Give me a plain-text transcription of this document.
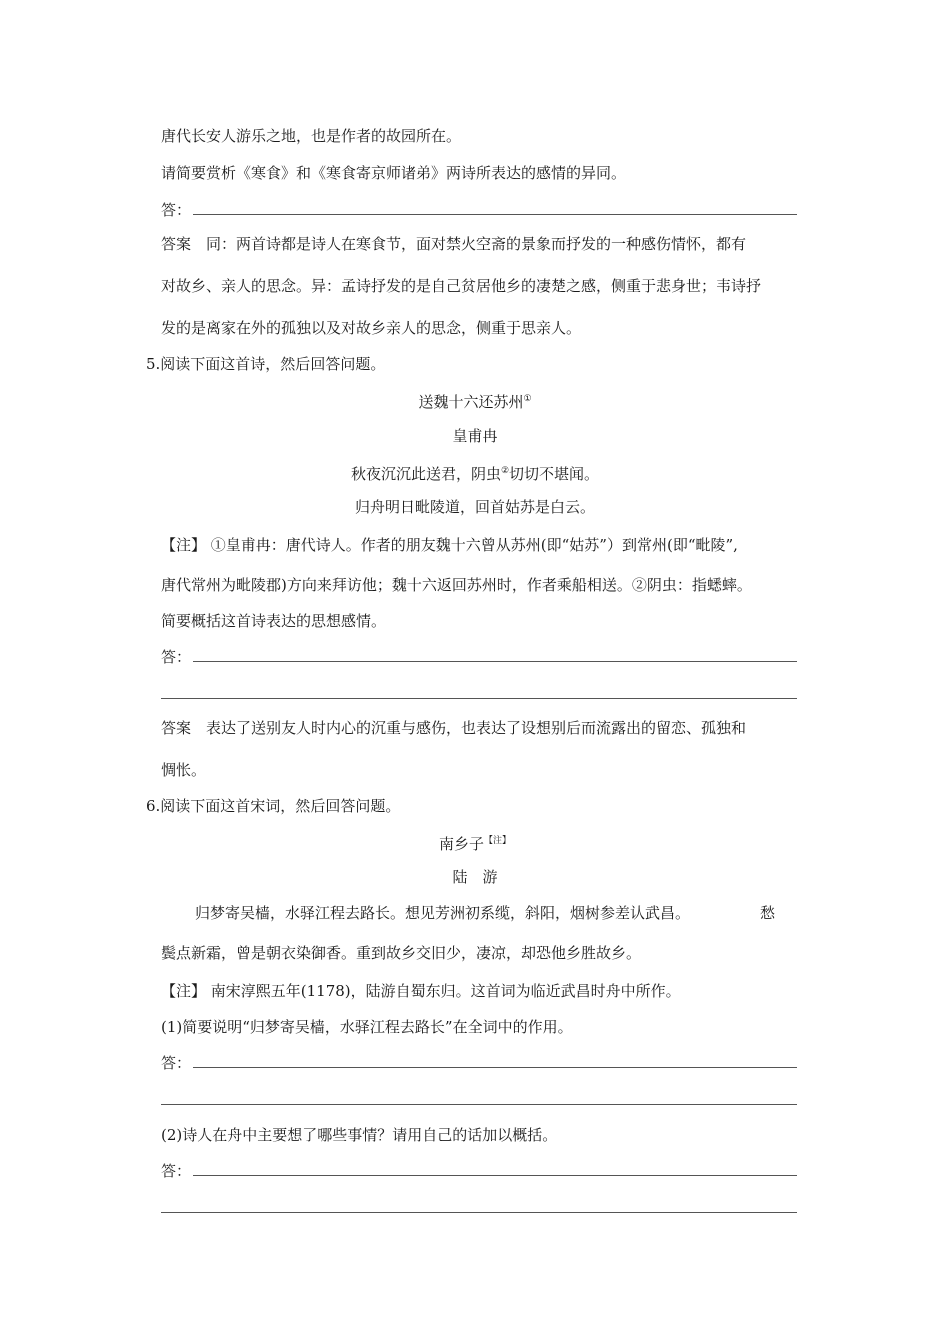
唐代长安人游乐之地，也是作者的故园所在。
请简要赏析《寒食》和《寒食寄京师诸弟》两诗所表达的感情的异同。
答：
答案　同：两首诗都是诗人在寒食节，面对禁火空斋的景象而抒发的一种感伤情怀，都有
对故乡、亲人的思念。异：孟诗抒发的是自己贫居他乡的凄楚之感，侧重于悲身世；韦诗抒
发的是离家在外的孤独以及对故乡亲人的思念，侧重于思亲人。
5.阅读下面这首诗，然后回答问题。
送魏十六还苏州①
皇甫冉
秋夜沉沉此送君，阴虫②切切不堪闻。
归舟明日毗陵道，回首姑苏是白云。
【注】 ①皇甫冉：唐代诗人。作者的朋友魏十六曾从苏州(即“姑苏”）到常州(即“毗陵”,
唐代常州为毗陵郡)方向来拜访他；魏十六返回苏州时，作者乘船相送。②阴虫：指蟋蟀。
简要概括这首诗表达的思想感情。
答：
答案　表达了送别友人时内心的沉重与感伤，也表达了设想别后而流露出的留恋、孤独和
惆怅。
6.阅读下面这首宋词，然后回答问题。
南乡子$^{【注】}$
陆　游
归梦寄吴樯，水驿江程去路长。想见芳洲初系缆，斜阳，烟树参差认武昌。	愁
鬓点新霜，曾是朝衣染御香。重到故乡交旧少，凄凉，却恐他乡胜故乡。
【注】 南宋淳熙五年(1178)，陆游自蜀东归。这首词为临近武昌时舟中所作。
(1)简要说明“归梦寄吴樯，水驿江程去路长”在全词中的作用。
答：
(2)诗人在舟中主要想了哪些事情？请用自己的话加以概括。
答：
